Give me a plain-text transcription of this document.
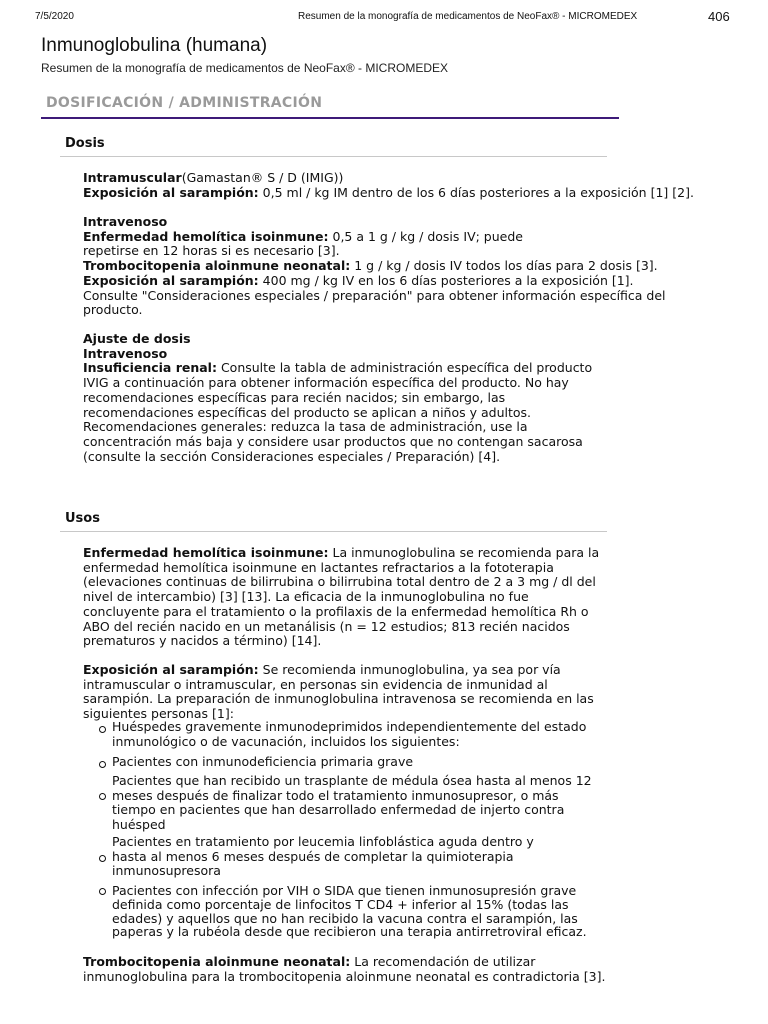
7/5/2020	Resumen de la monografía de medicamentos de NeoFax® - MICROMEDEX	406
Inmunoglobulina (humana)
Resumen de la monografía de medicamentos de NeoFax® - MICROMEDEX
DOSIFICACIÓN / ADMINISTRACIÓN
Dosis
Intramuscular(Gamastan® S / D (IMIG))
Exposición al sarampión: 0,5 ml / kg IM dentro de los 6 días posteriores a la exposición [1] [2].
Intravenoso
Enfermedad hemolítica isoinmune: 0,5 a 1 g / kg / dosis IV; puede
repetirse en 12 horas si es necesario [3].
Trombocitopenia aloinmune neonatal: 1 g / kg / dosis IV todos los días para 2 dosis [3].
Exposición al sarampión: 400 mg / kg IV en los 6 días posteriores a la exposición [1].
Consulte "Consideraciones especiales / preparación" para obtener información específica del
producto.
Ajuste de dosis
Intravenoso
Insuficiencia renal: Consulte la tabla de administración específica del producto
IVIG a continuación para obtener información específica del producto. No hay
recomendaciones específicas para recién nacidos; sin embargo, las
recomendaciones específicas del producto se aplican a niños y adultos.
Recomendaciones generales: reduzca la tasa de administración, use la
concentración más baja y considere usar productos que no contengan sacarosa
(consulte la sección Consideraciones especiales / Preparación) [4].
Usos
Enfermedad hemolítica isoinmune: La inmunoglobulina se recomienda para la
enfermedad hemolítica isoinmune en lactantes refractarios a la fototerapia
(elevaciones continuas de bilirrubina o bilirrubina total dentro de 2 a 3 mg / dl del
nivel de intercambio) [3] [13]. La eficacia de la inmunoglobulina no fue
concluyente para el tratamiento o la profilaxis de la enfermedad hemolítica Rh o
ABO del recién nacido en un metanálisis (n = 12 estudios; 813 recién nacidos
prematuros y nacidos a término) [14].
Exposición al sarampión: Se recomienda inmunoglobulina, ya sea por vía
intramuscular o intramuscular, en personas sin evidencia de inmunidad al
sarampión. La preparación de inmunoglobulina intravenosa se recomienda en las
siguientes personas [1]:
Huéspedes gravemente inmunodeprimidos independientemente del estado
inmunológico o de vacunación, incluidos los siguientes:
Pacientes con inmunodeficiencia primaria grave
Pacientes que han recibido un trasplante de médula ósea hasta al menos 12
meses después de finalizar todo el tratamiento inmunosupresor, o más
tiempo en pacientes que han desarrollado enfermedad de injerto contra
huésped
Pacientes en tratamiento por leucemia linfoblástica aguda dentro y
hasta al menos 6 meses después de completar la quimioterapia
inmunosupresora
Pacientes con infección por VIH o SIDA que tienen inmunosupresión grave
definida como porcentaje de linfocitos T CD4 + inferior al 15% (todas las
edades) y aquellos que no han recibido la vacuna contra el sarampión, las
paperas y la rubéola desde que recibieron una terapia antirretroviral eficaz.
Trombocitopenia aloinmune neonatal: La recomendación de utilizar
inmunoglobulina para la trombocitopenia aloinmune neonatal es contradictoria [3].
